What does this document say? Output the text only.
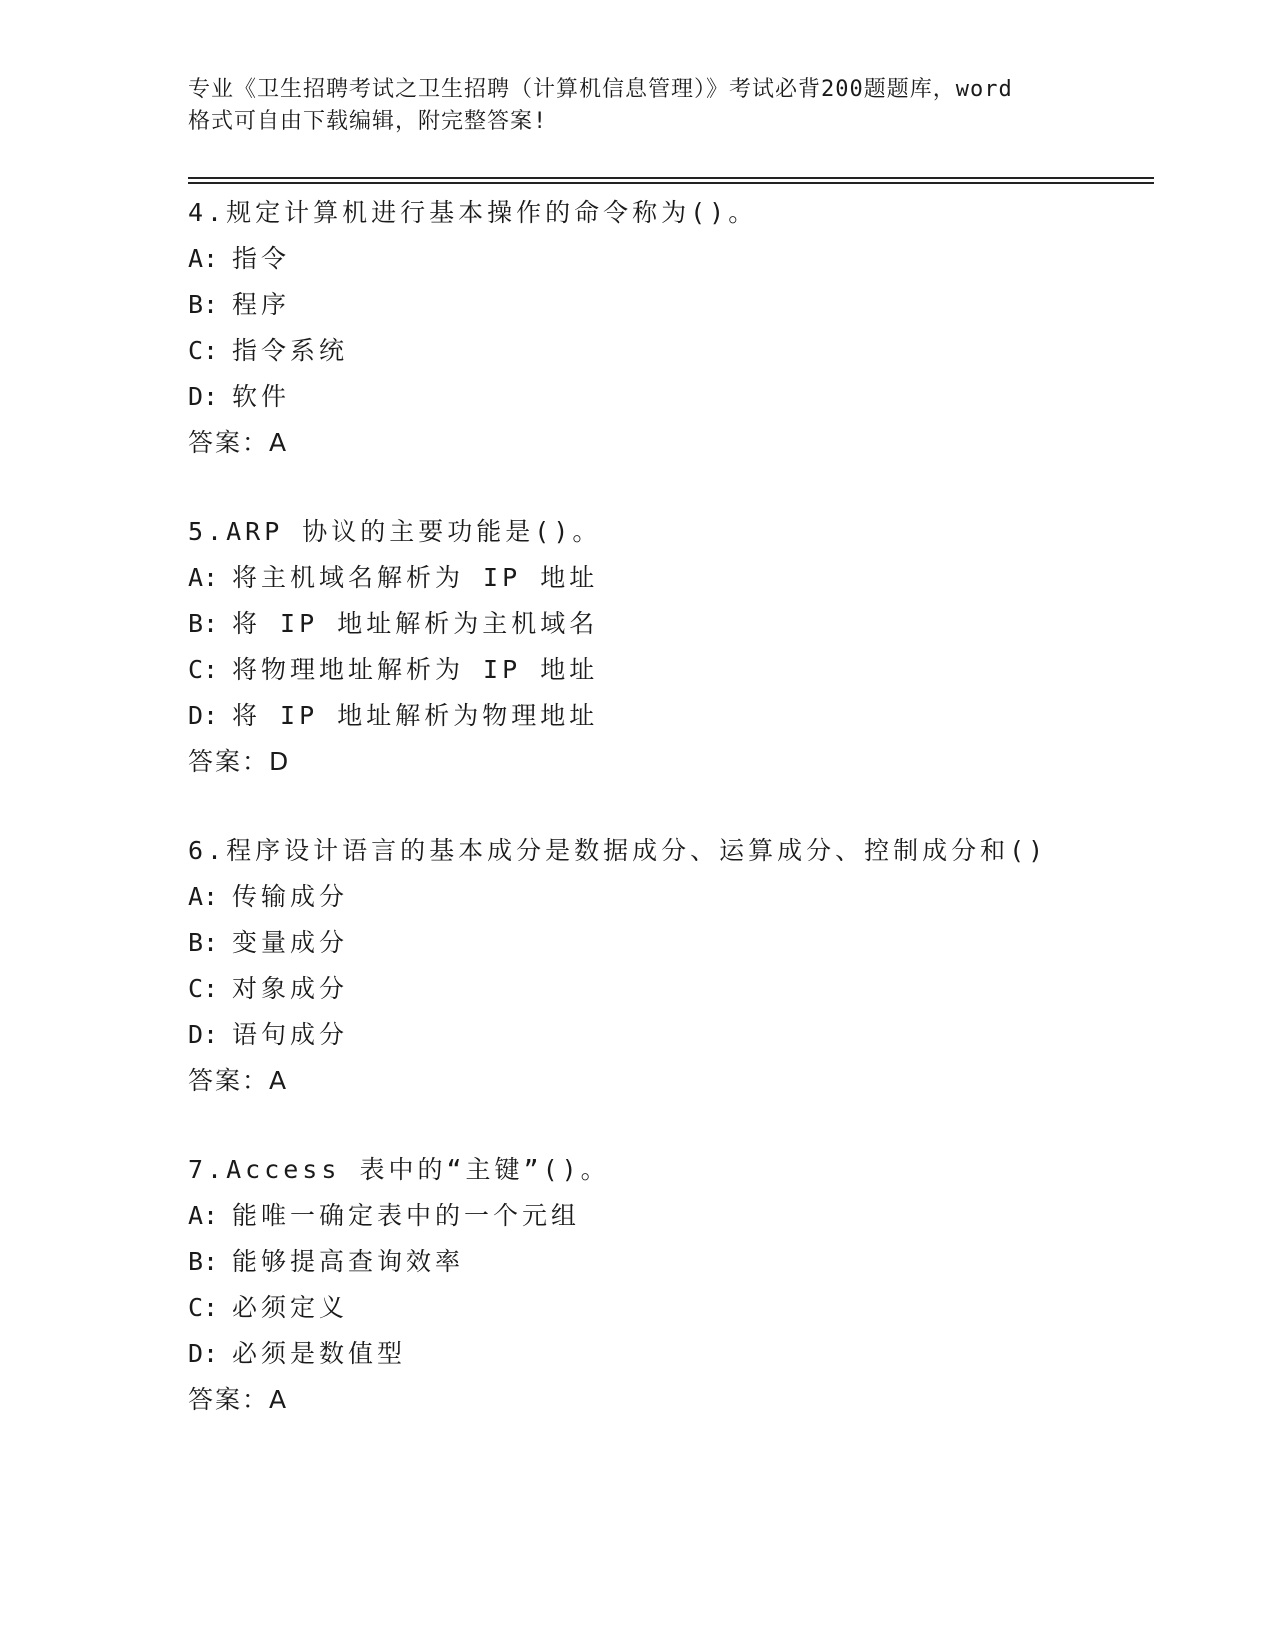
专业《卫生招聘考试之卫生招聘（计算机信息管理）》考试必背200题题库，word
格式可自由下载编辑，附完整答案!
4.规定计算机进行基本操作的命令称为()。
A: 指令
B: 程序
C: 指令系统
D: 软件
答案：A
5.ARP 协议的主要功能是()。
A: 将主机域名解析为 IP 地址
B: 将 IP 地址解析为主机域名
C: 将物理地址解析为 IP 地址
D: 将 IP 地址解析为物理地址
答案：D
6.程序设计语言的基本成分是数据成分、运算成分、控制成分和()
A: 传输成分
B: 变量成分
C: 对象成分
D: 语句成分
答案：A
7.Access 表中的“主键”()。
A: 能唯一确定表中的一个元组
B: 能够提高查询效率
C: 必须定义
D: 必须是数值型
答案：A
